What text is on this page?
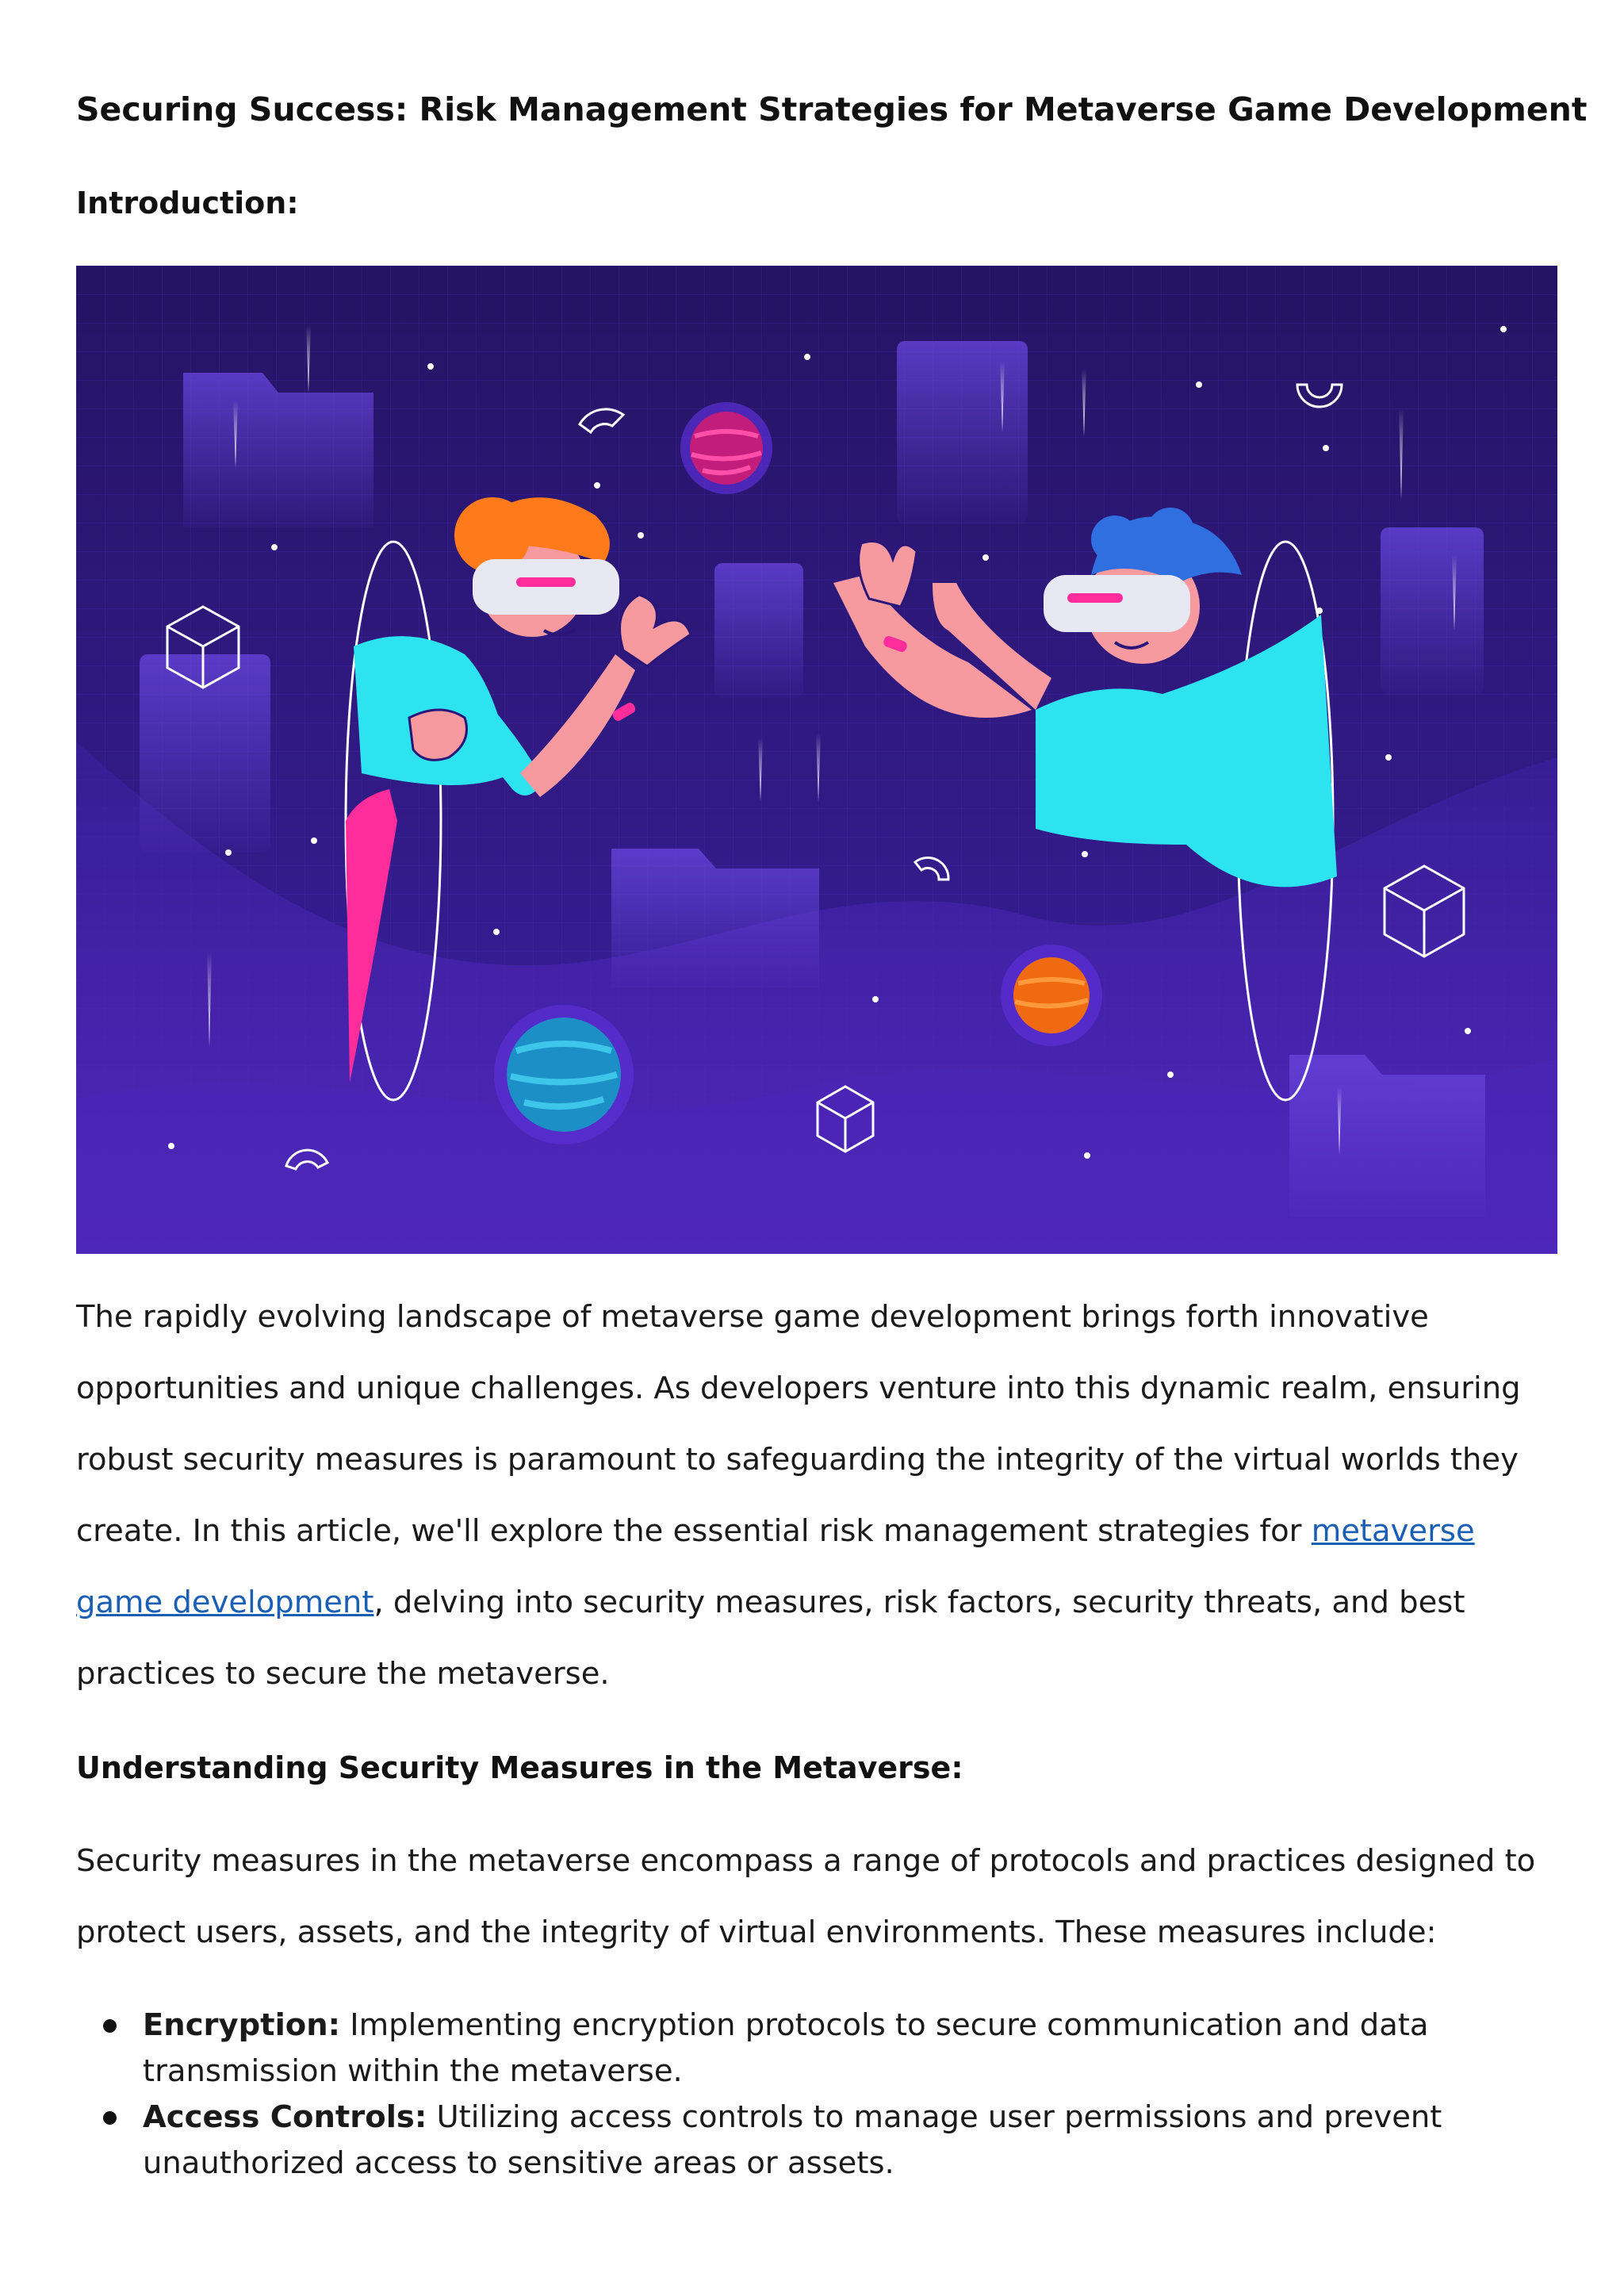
Securing Success: Risk Management Strategies for Metaverse Game Development
Introduction:

The rapidly evolving landscape of metaverse game development brings forth innovative opportunities and unique challenges. As developers venture into this dynamic realm, ensuring robust security measures is paramount to safeguarding the integrity of the virtual worlds they create. In this article, we'll explore the essential risk management strategies for metaverse game development, delving into security measures, risk factors, security threats, and best practices to secure the metaverse.

Understanding Security Measures in the Metaverse:

Security measures in the metaverse encompass a range of protocols and practices designed to protect users, assets, and the integrity of virtual environments. These measures include:

Encryption: Implementing encryption protocols to secure communication and data transmission within the metaverse.
Access Controls: Utilizing access controls to manage user permissions and prevent unauthorized access to sensitive areas or assets.
